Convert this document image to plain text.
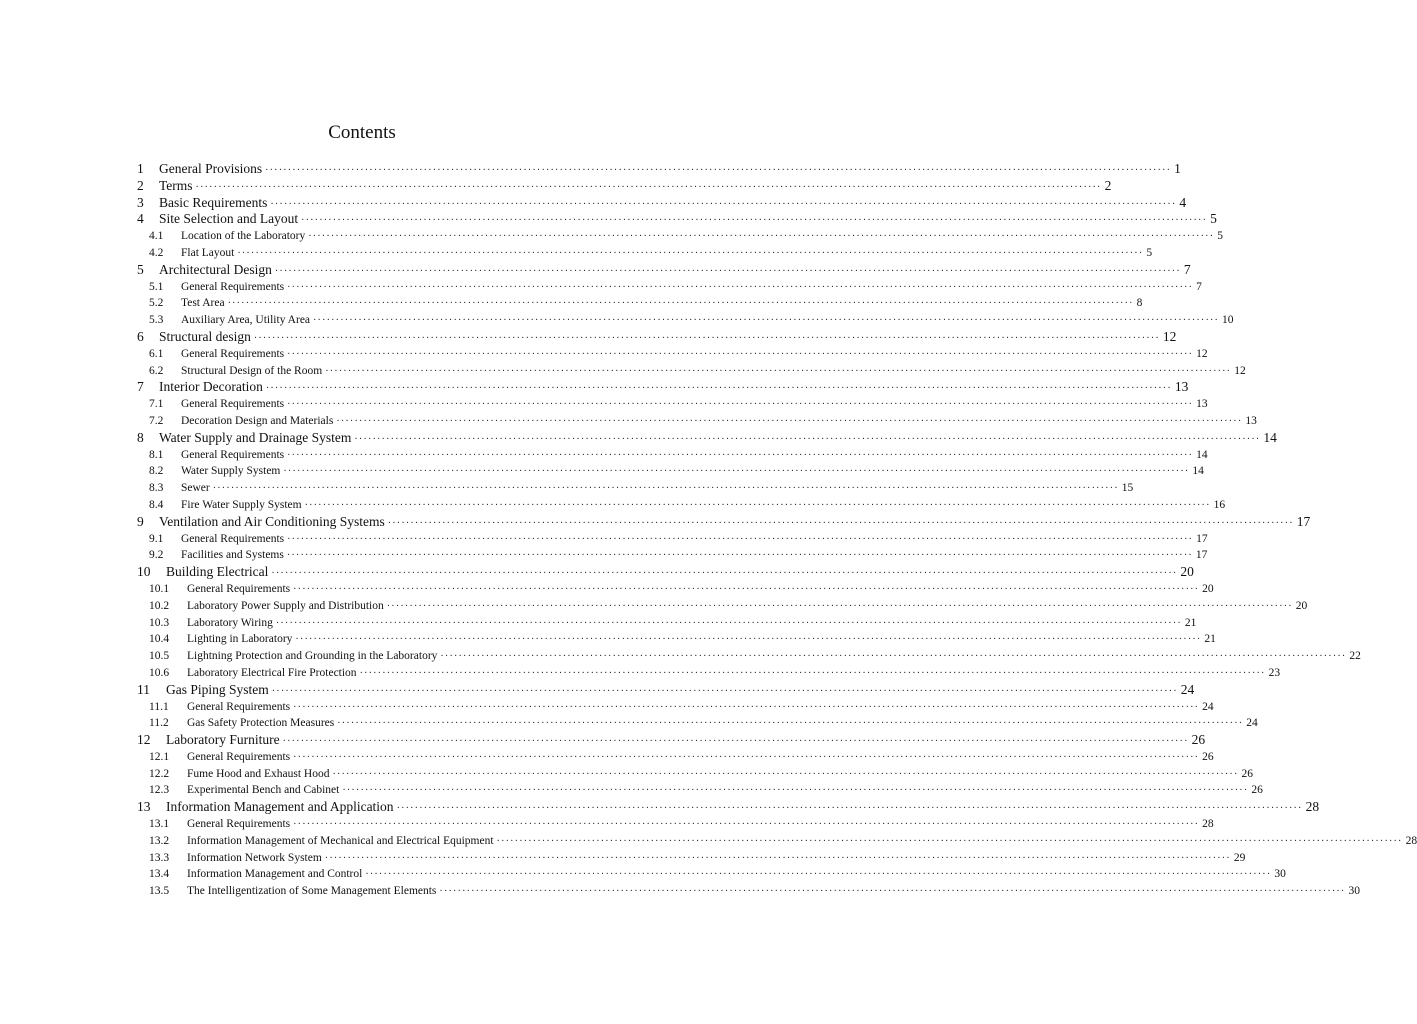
Contents
1	General Provisions ········································································································································································································ 1
2	Terms ········································································································································································································ 2
3	Basic Requirements ········································································································································································································ 4
4	Site Selection and Layout ········································································································································································································ 5
4.1	Location of the Laboratory ········································································································································································································ 5
4.2	Flat Layout ········································································································································································································ 5
5	Architectural Design ········································································································································································································ 7
5.1	General Requirements ········································································································································································································ 7
5.2	Test Area ········································································································································································································ 8
5.3	Auxiliary Area, Utility Area ········································································································································································································ 10
6	Structural design ········································································································································································································ 12
6.1	General Requirements ········································································································································································································ 12
6.2	Structural Design of the Room ········································································································································································································ 12
7	Interior Decoration ········································································································································································································ 13
7.1	General Requirements ········································································································································································································ 13
7.2	Decoration Design and Materials ········································································································································································································ 13
8	Water Supply and Drainage System ········································································································································································································ 14
8.1	General Requirements ········································································································································································································ 14
8.2	Water Supply System ········································································································································································································ 14
8.3	Sewer ········································································································································································································ 15
8.4	Fire Water Supply System ········································································································································································································ 16
9	Ventilation and Air Conditioning Systems ········································································································································································································ 17
9.1	General Requirements ········································································································································································································ 17
9.2	Facilities and Systems ········································································································································································································ 17
10	Building Electrical ········································································································································································································ 20
10.1	General Requirements ········································································································································································································ 20
10.2	Laboratory Power Supply and Distribution ········································································································································································································ 20
10.3	Laboratory Wiring ········································································································································································································ 21
10.4	Lighting in Laboratory ········································································································································································································ 21
10.5	Lightning Protection and Grounding in the Laboratory ········································································································································································································ 22
10.6	Laboratory Electrical Fire Protection ········································································································································································································ 23
11	Gas Piping System ········································································································································································································ 24
11.1	General Requirements ········································································································································································································ 24
11.2	Gas Safety Protection Measures ········································································································································································································ 24
12	Laboratory Furniture ········································································································································································································ 26
12.1	General Requirements ········································································································································································································ 26
12.2	Fume Hood and Exhaust Hood ········································································································································································································ 26
12.3	Experimental Bench and Cabinet ········································································································································································································ 26
13	Information Management and Application ········································································································································································································ 28
13.1	General Requirements ········································································································································································································ 28
13.2	Information Management of Mechanical and Electrical Equipment ········································································································································································································ 28
13.3	Information Network System ········································································································································································································ 29
13.4	Information Management and Control ········································································································································································································ 30
13.5	The Intelligentization of Some Management Elements ········································································································································································································ 30
